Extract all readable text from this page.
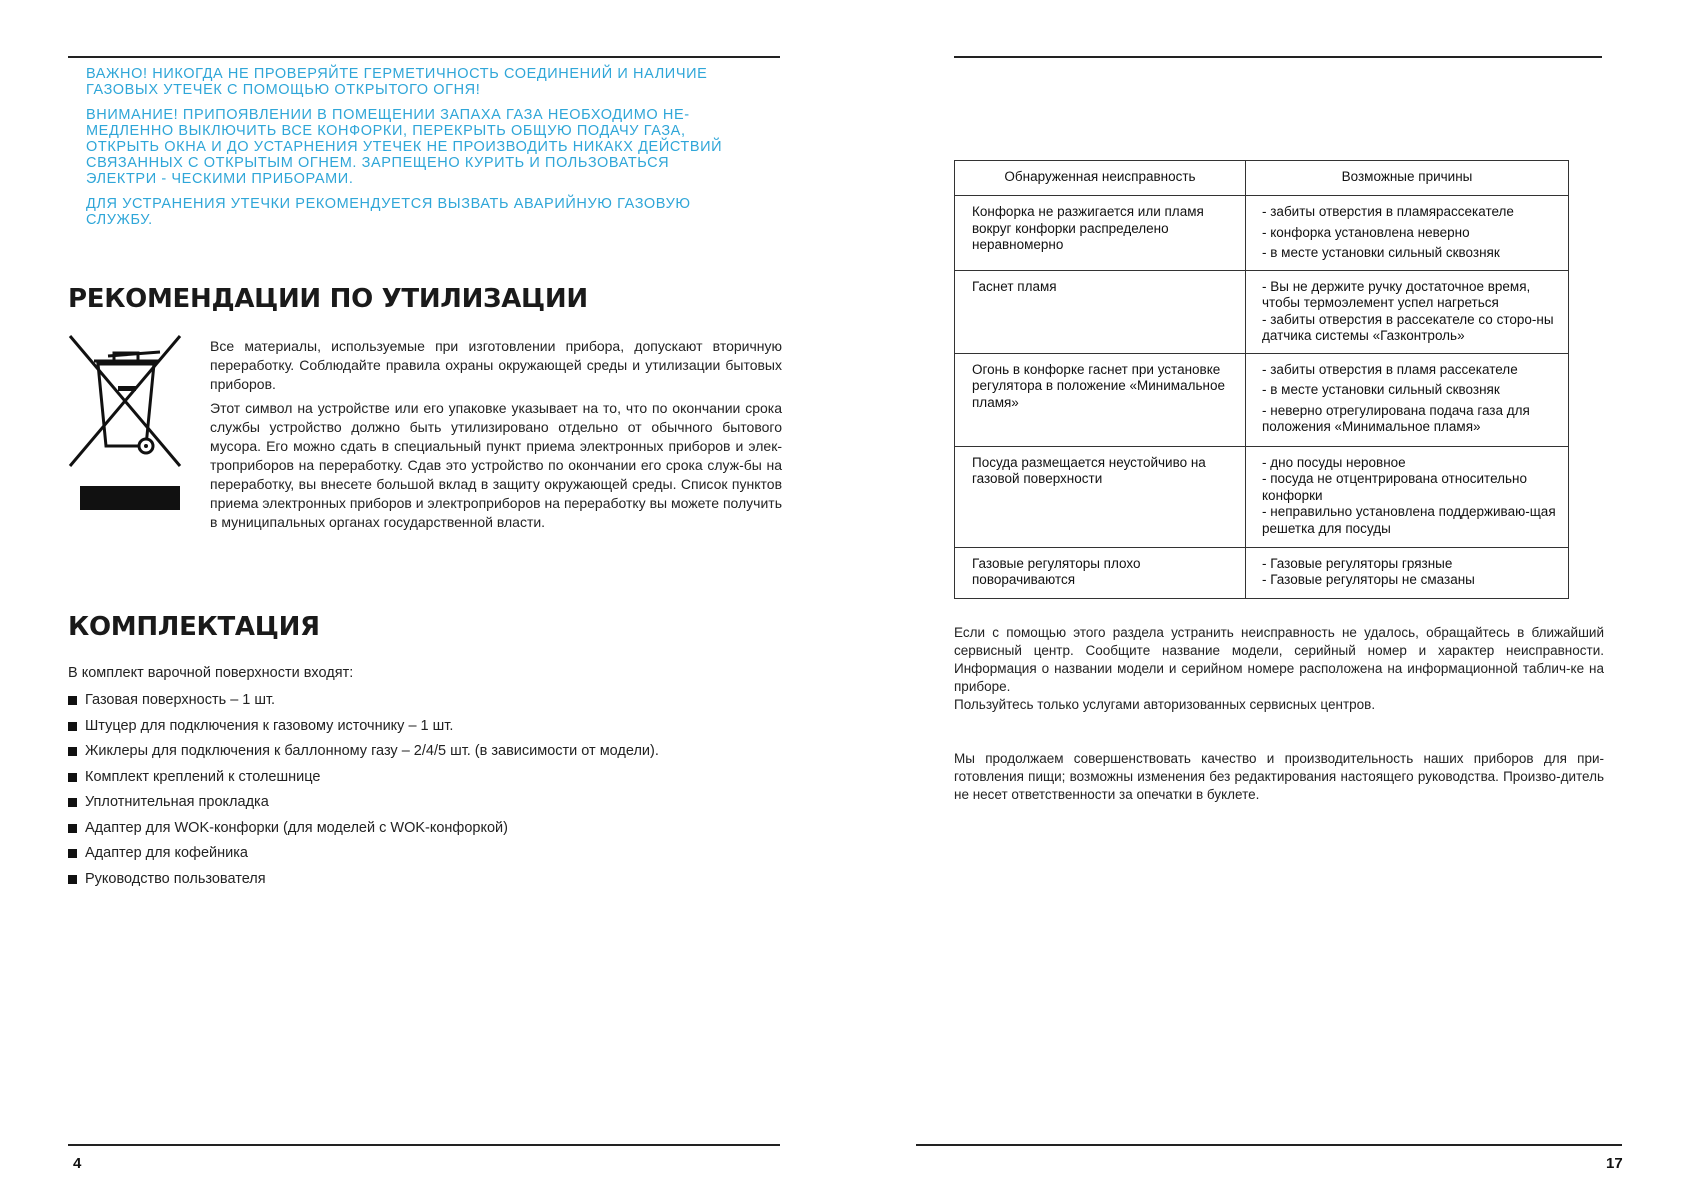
ВАЖНО! НИКОГДА НЕ ПРОВЕРЯЙТЕ ГЕРМЕТИЧНОСТЬ СОЕДИНЕНИЙ И НАЛИЧИЕ ГАЗОВЫХ УТЕЧЕК С ПОМОЩЬЮ ОТКРЫТОГО ОГНЯ!

ВНИМАНИЕ! ПРИПОЯВЛЕНИИ В ПОМЕЩЕНИИ ЗАПАХА ГАЗА НЕОБХОДИМО НЕ-МЕДЛЕННО ВЫКЛЮЧИТЬ ВСЕ КОНФОРКИ, ПЕРЕКРЫТЬ ОБЩУЮ ПОДАЧУ ГАЗА, ОТКРЫТЬ ОКНА И ДО УСТАРНЕНИЯ УТЕЧЕК НЕ ПРОИЗВОДИТЬ НИКАКХ ДЕЙСТВИЙ СВЯЗАННЫХ С ОТКРЫТЫМ ОГНЕМ. ЗАРПЕЩЕНО КУРИТЬ И ПОЛЬЗОВАТЬСЯ ЭЛЕКТРИ - ЧЕСКИМИ ПРИБОРАМИ.

ДЛЯ УСТРАНЕНИЯ УТЕЧКИ РЕКОМЕНДУЕТСЯ ВЫЗВАТЬ АВАРИЙНУЮ ГАЗОВУЮ СЛУЖБУ.

РЕКОМЕНДАЦИИ ПО УТИЛИЗАЦИИ

Все материалы, используемые при изготовлении прибора, допускают вторичную переработку. Соблюдайте правила охраны окружающей среды и утилизации бытовых приборов.

Этот символ на устройстве или его упаковке указывает на то, что по окончании срока службы устройство должно быть утилизировано отдельно от обычного бытового мусора. Его можно сдать в специальный пункт приема электронных приборов и элек-троприборов на переработку. Сдав это устройство по окончании его срока служ-бы на переработку, вы внесете большой вклад в защиту окружающей среды. Список пунктов приема электронных приборов и электроприборов на переработку вы можете получить в муниципальных органах государственной власти.

КОМПЛЕКТАЦИЯ
В комплект варочной поверхности входят:
Газовая поверхность – 1 шт.
Штуцер для подключения к газовому источнику – 1 шт.
Жиклеры для подключения к баллонному газу – 2/4/5 шт. (в зависимости от модели).
Комплект креплений к столешнице
Уплотнительная прокладка
Адаптер для WOK-конфорки (для моделей с WOK-конфоркой)
Адаптер для кофейника
Руководство пользователя
4
Обнаруженная неисправность	Возможные причины
Конфорка не разжигается или пламя вокруг конфорки распределено неравномерно	- забиты отверстия в пламярассекателе
- конфорка установлена неверно
- в месте установки сильный сквозняк

Гаснет пламя	- Вы не держите ручку достаточное время, чтобы термоэлемент успел нагреться
- забиты отверстия в рассекателе со сторо-ны датчика системы «Газконтроль»

Огонь в конфорке гаснет при установке регулятора в положение «Минимальное пламя»	- забиты отверстия в пламя рассекателе
- в месте установки сильный сквозняк
- неверно отрегулирована подача газа для положения «Минимальное пламя»

Посуда размещается неустойчиво на газовой поверхности	- дно посуды неровное
- посуда не отцентрирована относительно конфорки
- неправильно установлена поддерживаю-щая решетка для посуды

Газовые регуляторы плохо поворачиваются	- Газовые регуляторы грязные
- Газовые регуляторы не смазаны

Если с помощью этого раздела устранить неисправность не удалось, обращайтесь в ближайший сервисный центр. Сообщите название модели, серийный номер и характер неисправности. Информация о названии модели и серийном номере расположена на информационной таблич-ке на приборе.

Пользуйтесь только услугами авторизованных сервисных центров.

Мы продолжаем совершенствовать качество и производительность наших приборов для при-готовления пищи; возможны изменения без редактирования настоящего руководства. Произво-дитель не несет ответственности за опечатки в буклете.
17
